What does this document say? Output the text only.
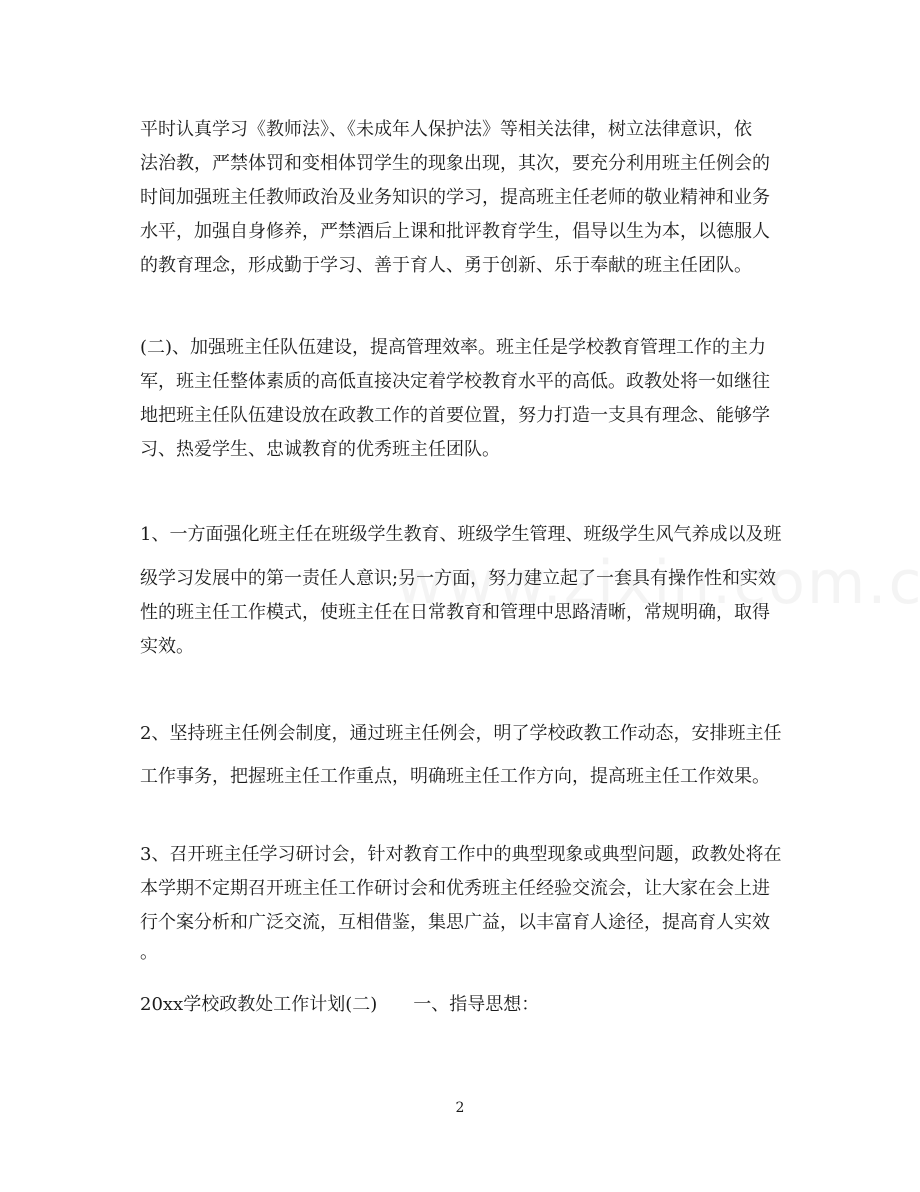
平时认真学习《教师法》、《未成年人保护法》等相关法律，树立法律意识，依
法治教，严禁体罚和变相体罚学生的现象出现，其次，要充分利用班主任例会的
时间加强班主任教师政治及业务知识的学习，提高班主任老师的敬业精神和业务
水平，加强自身修养，严禁酒后上课和批评教育学生，倡导以生为本，以德服人
的教育理念，形成勤于学习、善于育人、勇于创新、乐于奉献的班主任团队。

(二)、加强班主任队伍建设，提高管理效率。班主任是学校教育管理工作的主力
军，班主任整体素质的高低直接决定着学校教育水平的高低。政教处将一如继往
地把班主任队伍建设放在政教工作的首要位置，努力打造一支具有理念、能够学
习、热爱学生、忠诚教育的优秀班主任团队。

1、一方面强化班主任在班级学生教育、班级学生管理、班级学生风气养成以及班
级学习发展中的第一责任人意识;另一方面，努力建立起了一套具有操作性和实效
性的班主任工作模式，使班主任在日常教育和管理中思路清晰，常规明确，取得
实效。

2、坚持班主任例会制度，通过班主任例会，明了学校政教工作动态，安排班主任
工作事务，把握班主任工作重点，明确班主任工作方向，提高班主任工作效果。

3、召开班主任学习研讨会，针对教育工作中的典型现象或典型问题，政教处将在
本学期不定期召开班主任工作研讨会和优秀班主任经验交流会，让大家在会上进
行个案分析和广泛交流，互相借鉴，集思广益，以丰富育人途径，提高育人实效
。

20xx学校政教处工作计划(二) 一、指导思想：

2
